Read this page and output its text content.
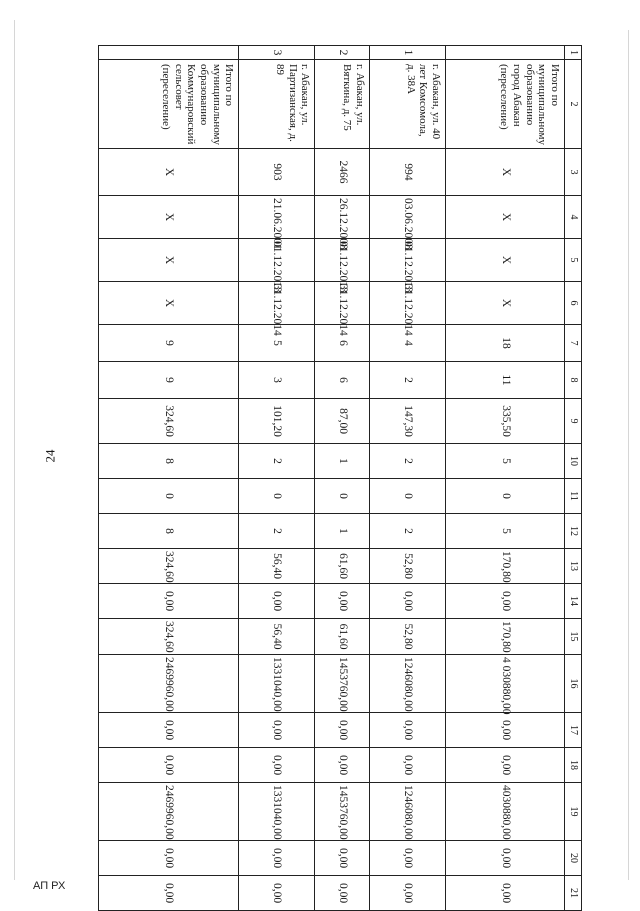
24
1	2	3	4	5	6	7	8	9	10	11	12	13	14	15	16	17	18	19	20	21
	Итого по муниципальному образованию город Абакан (переселение)	X	X	X	X	18	11	335,50	5	0	5	170,80	0,00	170,80	4 030880,00	0,00	0,00	4030880,00	0,00	0,00
1	г. Абакан, ул. 40 лет Комсомола, д. 38А	994	03.06.2008	01.12.2013	31.12.2014	4	2	147,30	2	0	2	52,80	0,00	52,80	1246080,00	0,00	0,00	1246080,00	0,00	0,00
2	г. Абакан, ул. Вяткина, д. 75	2466	26.12.2008	01.12.2013	31.12.2014	6	6	87,00	1	0	1	61,60	0,00	61,60	1453760,00	0,00	0,00	1453760,00	0,00	0,00
3	г. Абакан, ул. Партизанская, д. 89	903	21.06.2001	01.12.2013	31.12.2014	5	3	101,20	2	0	2	56,40	0,00	56,40	1331040,00	0,00	0,00	1331040,00	0,00	0,00
	Итого по муниципальному образованию Коммунаровский сельсовет (переселение)	X	X	X	X	9	9	324,60	8	0	8	324,60	0,00	324,60	2469960,00	0,00	0,00	2469960,00	0,00	0,00
АП РХ
